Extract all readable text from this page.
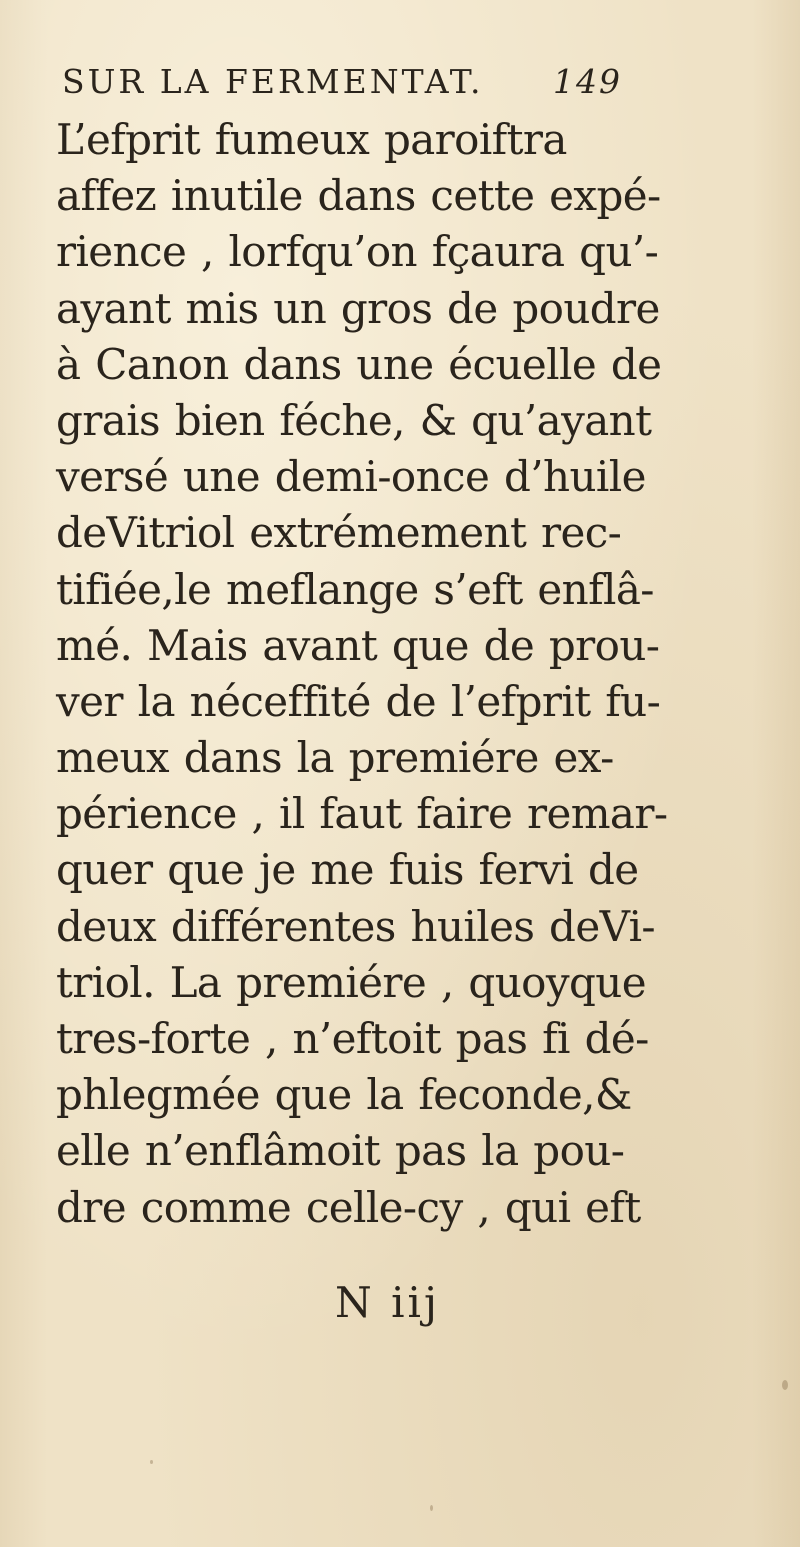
SUR LA FERMENTAT. 149
L’efprit fumeux paroiftra
affez inutile dans cette expé-
rience , lorfqu’on fçaura qu’-
ayant mis un gros de poudre
à Canon dans une écuelle de
grais bien féche, & qu’ayant
versé une demi-once d’huile
deVitriol extrémement rec-
tifiée,le meflange s’eft enflâ-
mé. Mais avant que de prou-
ver la néceffité de l’efprit fu-
meux dans la premiére ex-
périence , il faut faire remar-
quer que je me fuis fervi de
deux différentes huiles deVi-
triol. La premiére , quoyque
tres-forte , n’eftoit pas fi dé-
phlegmée que la feconde,&
elle n’enflâmoit pas la pou-
dre comme celle-cy , qui eft
N iij
